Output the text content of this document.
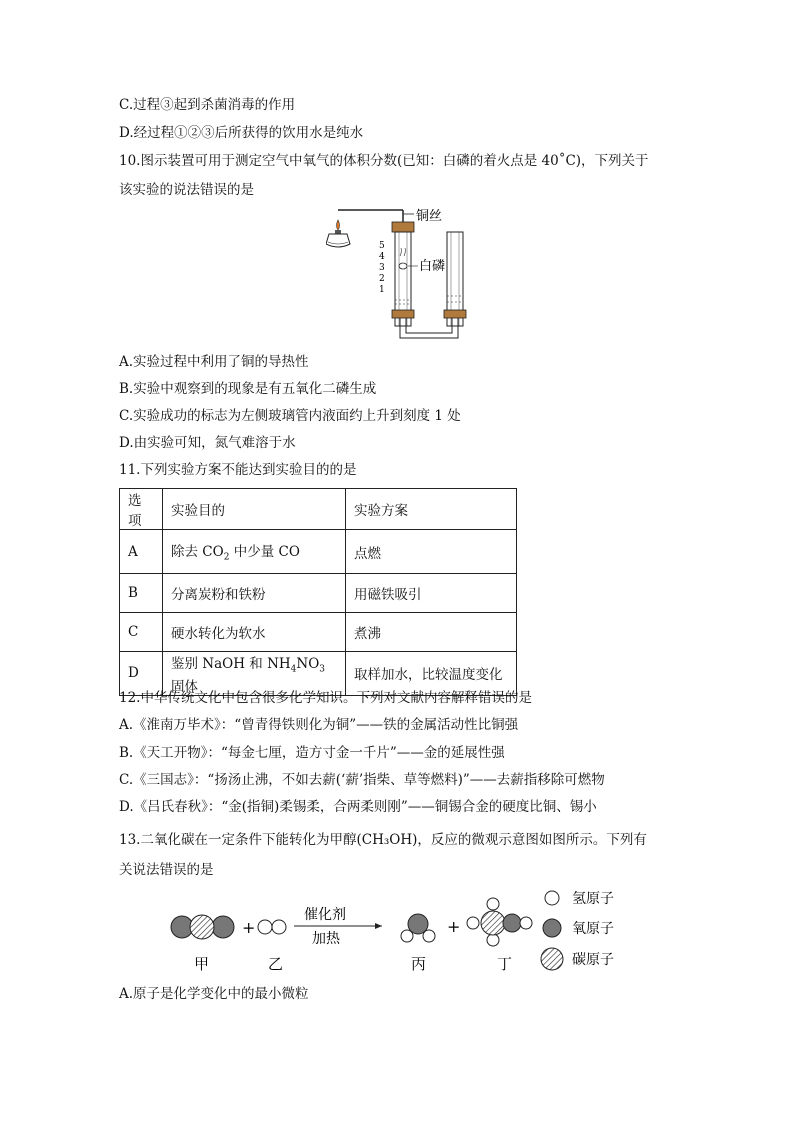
C.过程③起到杀菌消毒的作用
D.经过程①②③后所获得的饮用水是纯水
10.图示装置可用于测定空气中氧气的体积分数(已知：白磷的着火点是 40˚C)，下列关于
该实验的说法错误的是
5
4
3
2
1
铜丝
白磷
A.实验过程中利用了铜的导热性
B.实验中观察到的现象是有五氧化二磷生成
C.实验成功的标志为左侧玻璃管内液面约上升到刻度 1 处
D.由实验可知，氮气难溶于水
11.下列实验方案不能达到实验目的的是
选项	实验目的	实验方案
A	除去 $CO_2$ 中少量 CO	点燃
B	分离炭粉和铁粉	用磁铁吸引
C	硬水转化为软水	煮沸
D	鉴别 NaOH 和 $NH_4NO_3$ 固体	取样加水，比较温度变化
12.中华传统文化中包含很多化学知识。下列对文献内容解释错误的是
A.《淮南万毕术》：“曾青得铁则化为铜”——铁的金属活动性比铜强
B.《天工开物》：“每金七厘，造方寸金一千片”——金的延展性强
C.《三国志》：“扬汤止沸，不如去薪(‘薪’指柴、草等燃料)”——去薪指移除可燃物
D.《吕氏春秋》：“金(指铜)柔锡柔，合两柔则刚”——铜锡合金的硬度比铜、锡小
13.二氧化碳在一定条件下能转化为甲醇(CH₃OH)，反应的微观示意图如图所示。下列有
关说法错误的是
+
催化剂
加热
+
甲	乙	丙	丁
氢原子
氧原子
碳原子
A.原子是化学变化中的最小微粒
